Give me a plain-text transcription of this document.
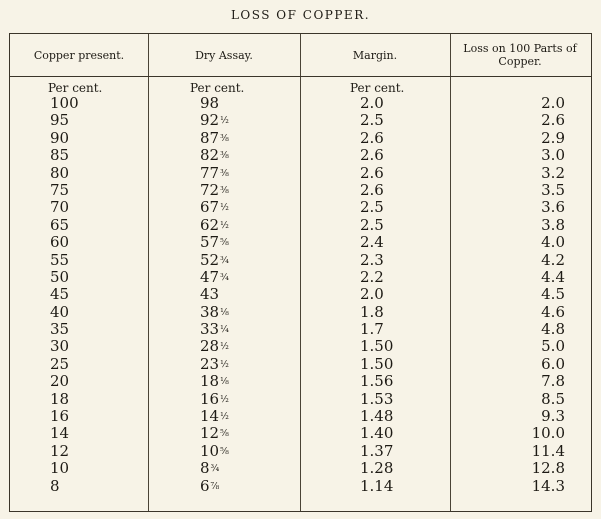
LOSS OF COPPER.
Copper present.	Dry Assay.	Margin.	Loss on 100 Parts of Copper.
Per cent.	Per cent.	Per cent.
100	98	2.0	2.0
95	92½	2.5	2.6
90	87⅜	2.6	2.9
85	82⅜	2.6	3.0
80	77⅜	2.6	3.2
75	72⅜	2.6	3.5
70	67½	2.5	3.6
65	62½	2.5	3.8
60	57⅝	2.4	4.0
55	52¾	2.3	4.2
50	47¾	2.2	4.4
45	43	2.0	4.5
40	38⅛	1.8	4.6
35	33¼	1.7	4.8
30	28½	1.50	5.0
25	23½	1.50	6.0
20	18⅛	1.56	7.8
18	16½	1.53	8.5
16	14½	1.48	9.3
14	12⅝	1.40	10.0
12	10⅝	1.37	11.4
10	8¾	1.28	12.8
8	6⅞	1.14	14.3
